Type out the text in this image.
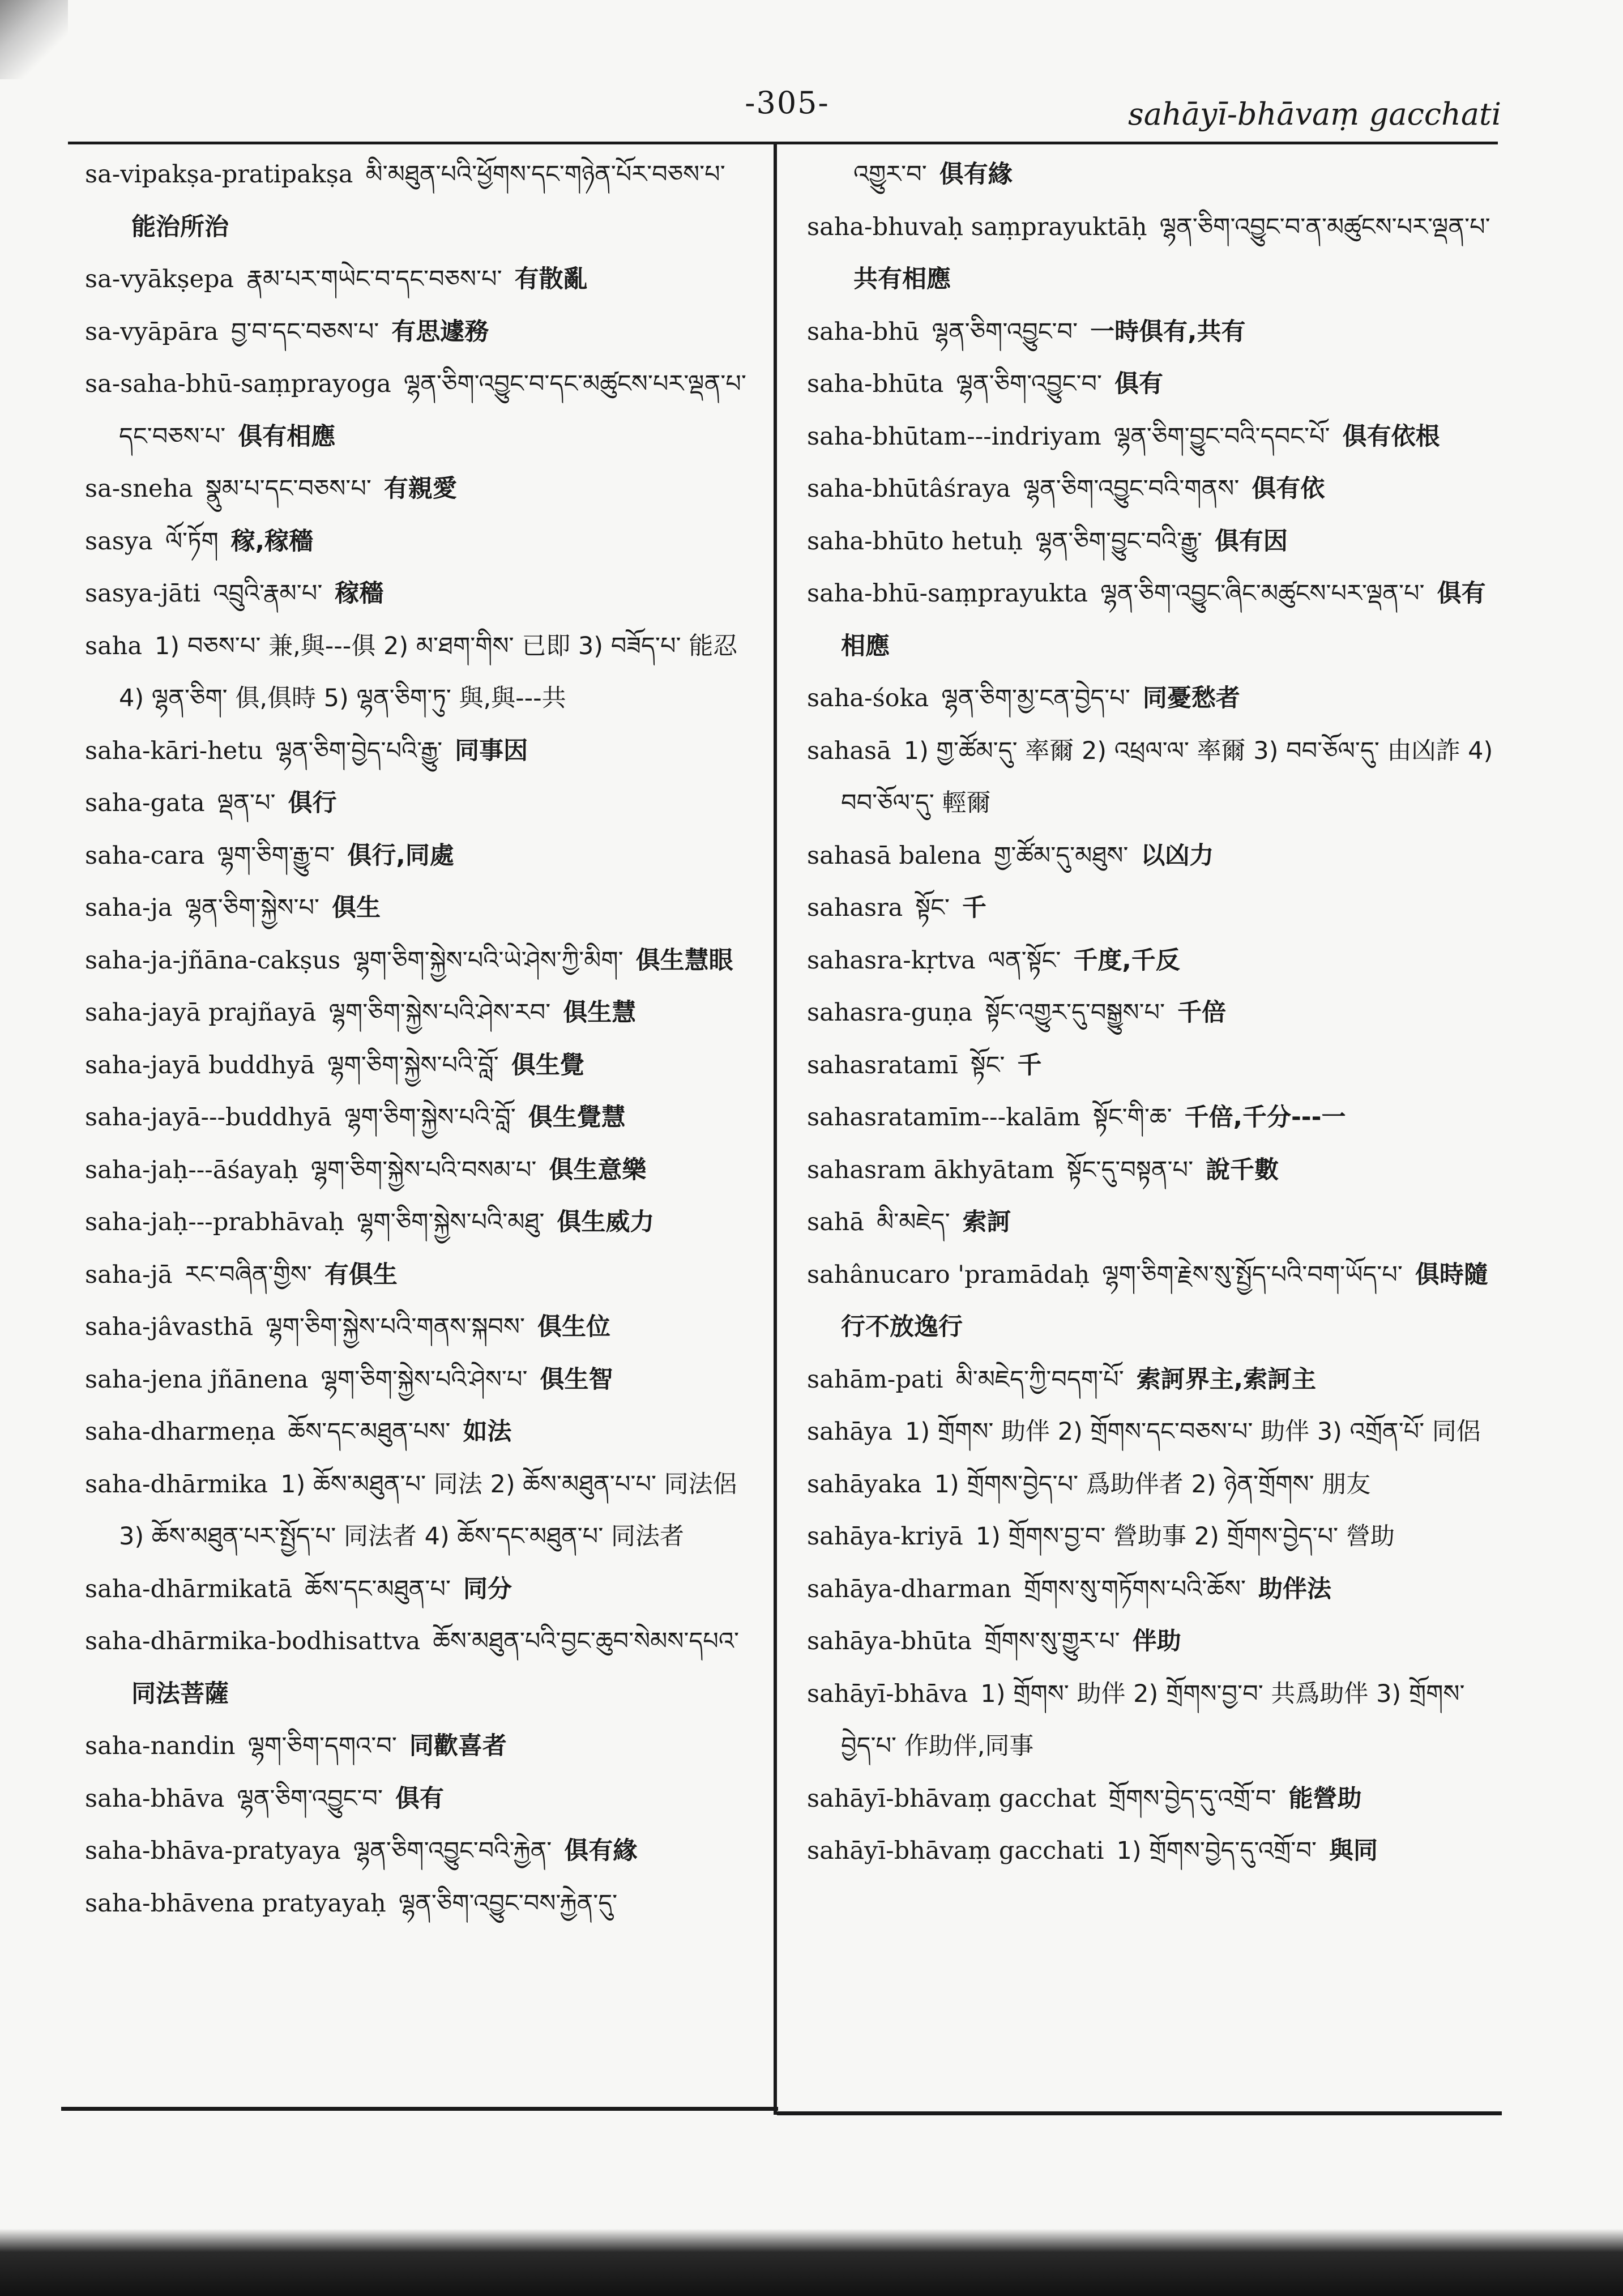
-305-	sahāyī-bhāvaṃ gacchati

sa-vipakṣa-pratipakṣa མི་མཐུན་པའི་ཕྱོགས་དང་གཉེན་པོར་བཅས་པ་能治所治

sa-vyākṣepa རྣམ་པར་གཡེང་བ་དང་བཅས་པ་ 有散亂

sa-vyāpāra བྱ་བ་དང་བཅས་པ་ 有思遽務

sa-saha-bhū-saṃprayoga ལྷན་ཅིག་འབྱུང་བ་དང་མཚུངས་པར་ལྡན་པ་དང་བཅས་པ་ 俱有相應

sa-sneha སྣུམ་པ་དང་བཅས་པ་ 有親愛

sasya ལོ་ཏོག 稼,稼穡

sasya-jāti འབྲུའི་རྣམ་པ་ 稼穡

saha 1) བཅས་པ་ 兼,與---俱 2) མ་ཐག་གིས་ 已即 3) བཟོད་པ་ 能忍 4) ལྷན་ཅིག་ 俱,俱時 5) ལྷན་ཅིག་ཏུ་ 與,與---共

saha-kāri-hetu ལྷན་ཅིག་བྱེད་པའི་རྒྱུ་ 同事因

saha-gata ལྡན་པ་ 俱行

saha-cara ལྷག་ཅིག་རྒྱུ་བ་ 俱行,同處

saha-ja ལྷན་ཅིག་སྐྱེས་པ་ 俱生

saha-ja-jñāna-cakṣus ལྷག་ཅིག་སྐྱེས་པའི་ཡེ་ཤེས་ཀྱི་མིག་ 俱生慧眼

saha-jayā prajñayā ལྷག་ཅིག་སྐྱེས་པའི་ཤེས་རབ་ 俱生慧

saha-jayā buddhyā ལྷག་ཅིག་སྐྱེས་པའི་བློ་ 俱生覺

saha-jayā---buddhyā ལྷག་ཅིག་སྐྱེས་པའི་བློ་ 俱生覺慧

saha-jaḥ---āśayaḥ ལྷག་ཅིག་སྐྱེས་པའི་བསམ་པ་ 俱生意樂

saha-jaḥ---prabhāvaḥ ལྷག་ཅིག་སྐྱེས་པའི་མཐུ་ 俱生威力

saha-jā རང་བཞིན་གྱིས་ 有俱生

saha-jâvasthā ལྷག་ཅིག་སྐྱེས་པའི་གནས་སྐབས་ 俱生位

saha-jena jñānena ལྷག་ཅིག་སྐྱེས་པའི་ཤེས་པ་ 俱生智

saha-dharmeṇa ཆོས་དང་མཐུན་པས་ 如法

saha-dhārmika 1) ཆོས་མཐུན་པ་ 同法 2) ཆོས་མཐུན་པ་པ་ 同法侶 3) ཆོས་མཐུན་པར་སྤྱོད་པ་ 同法者 4) ཆོས་དང་མཐུན་པ་ 同法者

saha-dhārmikatā ཆོས་དང་མཐུན་པ་ 同分

saha-dhārmika-bodhisattva ཆོས་མཐུན་པའི་བྱང་ཆུབ་སེམས་དཔའ་同法菩薩

saha-nandin ལྷག་ཅིག་དགའ་བ་ 同歡喜者

saha-bhāva ལྷན་ཅིག་འབྱུང་བ་ 俱有

saha-bhāva-pratyaya ལྷན་ཅིག་འབྱུང་བའི་རྐྱེན་ 俱有緣

saha-bhāvena pratyayaḥ ལྷན་ཅིག་འབྱུང་བས་རྐྱེན་དུ་

འགྱུར་བ་ 俱有緣

saha-bhuvaḥ saṃprayuktāḥ ལྷན་ཅིག་འབྱུང་བ་ན་མཚུངས་པར་ལྡན་པ་共有相應

saha-bhū ལྷན་ཅིག་འབྱུང་བ་ 一時俱有,共有

saha-bhūta ལྷན་ཅིག་འབྱུང་བ་ 俱有

saha-bhūtam---indriyam ལྷན་ཅིག་བྱུང་བའི་དབང་པོ་ 俱有依根

saha-bhūtâśraya ལྷན་ཅིག་འབྱུང་བའི་གནས་ 俱有依

saha-bhūto hetuḥ ལྷན་ཅིག་བྱུང་བའི་རྒྱུ་ 俱有因

saha-bhū-saṃprayukta ལྷན་ཅིག་འབྱུང་ཞིང་མཚུངས་པར་ལྡན་པ་ 俱有相應

saha-śoka ལྷན་ཅིག་མྱ་ངན་བྱེད་པ་ 同憂愁者

sahasā 1) གྱ་ཚོམ་དུ་ 率爾 2) འཕྲལ་ལ་ 率爾 3) བབ་ཅོལ་དུ་ 由凶詐 4) བབ་ཅོལ་དུ་ 輕爾

sahasā balena གྱ་ཚོམ་དུ་མཐུས་ 以凶力

sahasra སྟོང་ 千

sahasra-kṛtva ལན་སྟོང་ 千度,千反

sahasra-guṇa སྟོང་འགྱུར་དུ་བསྒྱུས་པ་ 千倍

sahasratamī སྟོང་ 千

sahasratamīm---kalām སྟོང་གི་ཆ་ 千倍,千分---一

sahasram ākhyātam སྟོང་དུ་བསྟན་པ་ 說千數

sahā མི་མཇེད་ 索訶

sahânucaro 'pramādaḥ ལྷག་ཅིག་རྗེས་སུ་སྤྱོད་པའི་བག་ཡོད་པ་ 俱時隨行不放逸行

sahām-pati མི་མཇེད་ཀྱི་བདག་པོ་ 索訶界主,索訶主

sahāya 1) གྲོགས་ 助伴 2) གྲོགས་དང་བཅས་པ་ 助伴 3) འགྲོན་པོ་ 同侶

sahāyaka 1) གྲོགས་བྱེད་པ་ 爲助伴者 2) ཉེན་གྲོགས་ 朋友

sahāya-kriyā 1) གྲོགས་བྱ་བ་ 營助事 2) གྲོགས་བྱེད་པ་ 營助

sahāya-dharman གྲོགས་སུ་གཏོགས་པའི་ཆོས་ 助伴法

sahāya-bhūta གྲོགས་སུ་གྱུར་པ་ 伴助

sahāyī-bhāva 1) གྲོགས་ 助伴 2) གྲོགས་བྱ་བ་ 共爲助伴 3) གྲོགས་བྱེད་པ་ 作助伴,同事

sahāyī-bhāvaṃ gacchat གྲོགས་བྱེད་དུ་འགྲོ་བ་ 能營助

sahāyī-bhāvaṃ gacchati 1) གྲོགས་བྱེད་དུ་འགྲོ་བ་ 與同
